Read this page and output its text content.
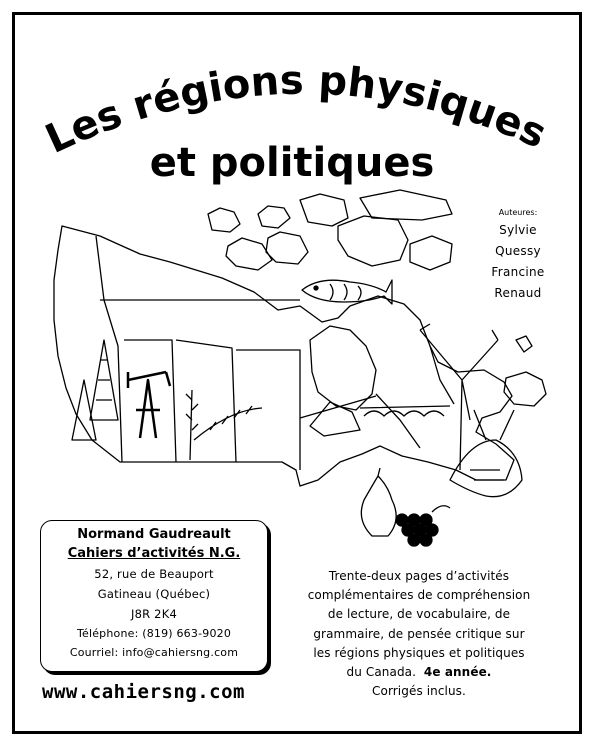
Les régions physiques
et politiques
Auteures:
Sylvie
Quessy
Francine
Renaud
Normand Gaudreault
Cahiers d’activités N.G.
52, rue de Beauport
Gatineau (Québec)
J8R 2K4
Téléphone: (819) 663-9020
Courriel: info@cahiersng.com
www.cahiersng.com
Trente-deux pages d’activités
complémentaires de compréhension
de lecture, de vocabulaire, de
grammaire, de pensée critique sur
les régions physiques et politiques
du Canada. 4e année.
Corrigés inclus.
